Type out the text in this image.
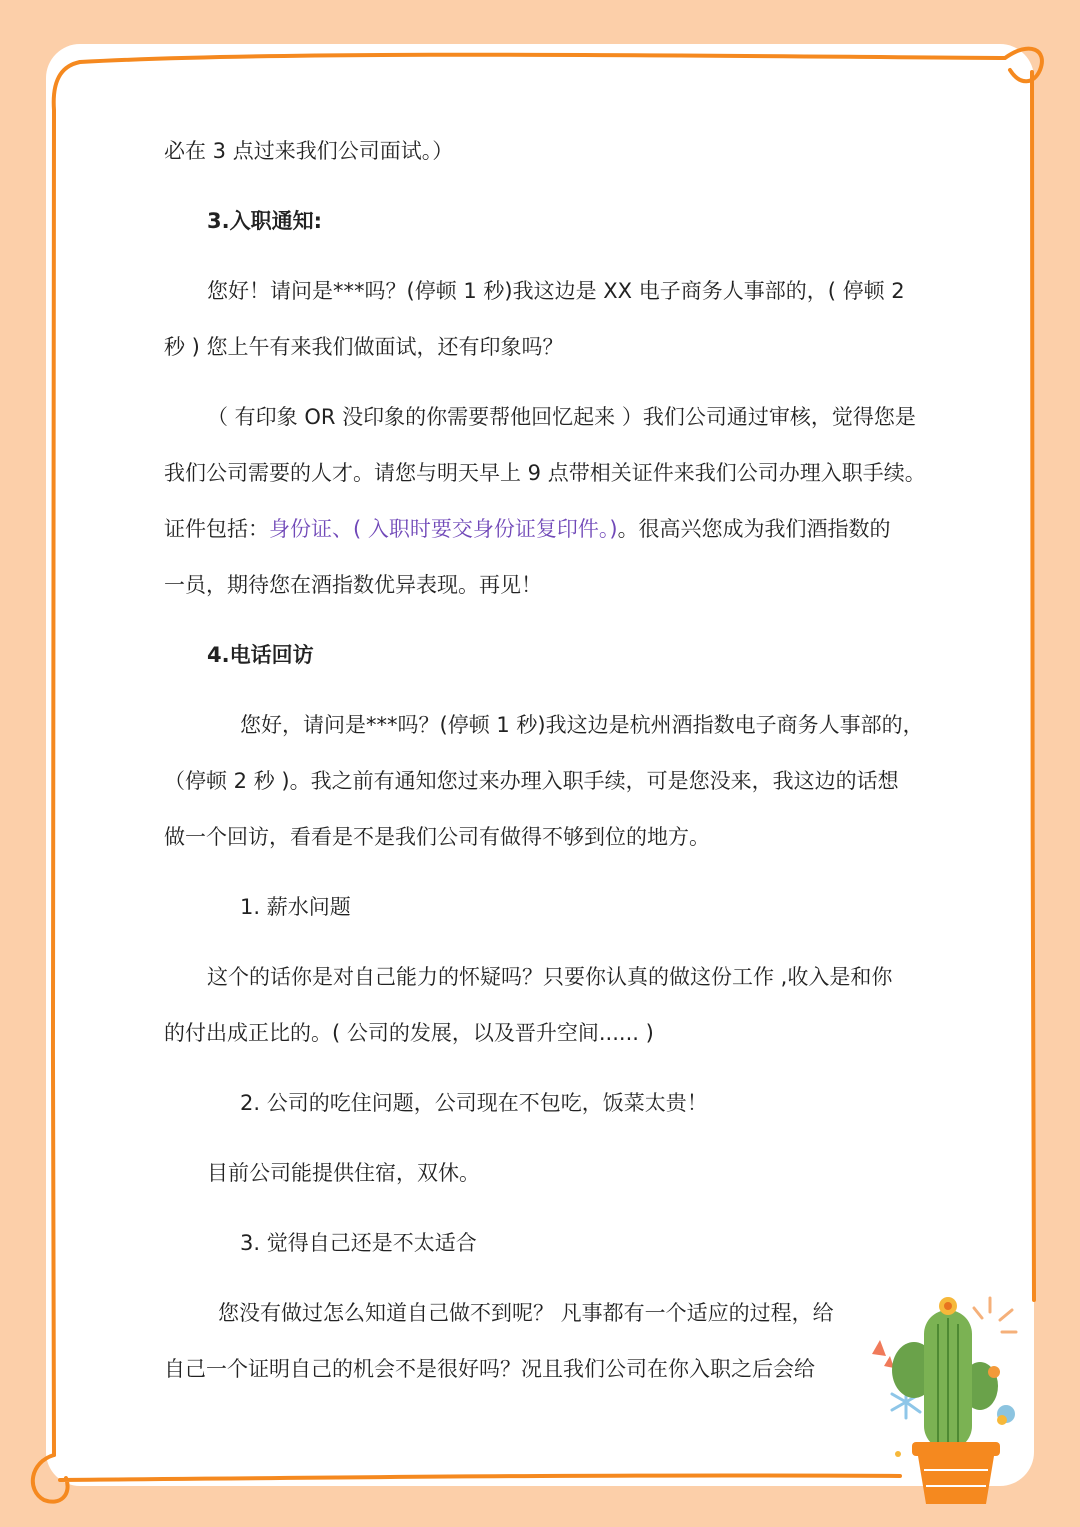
必在 3 点过来我们公司面试。）
3.入职通知:
您好！请问是***吗？(停顿 1 秒)我这边是 XX 电子商务人事部的，( 停顿 2
秒 ) 您上午有来我们做面试，还有印象吗？
（ 有印象 OR 没印象的你需要帮他回忆起来 ）我们公司通过审核，觉得您是
我们公司需要的人才。请您与明天早上 9 点带相关证件来我们公司办理入职手续。
证件包括：身份证、( 入职时要交身份证复印件。)。很高兴您成为我们酒指数的
一员，期待您在酒指数优异表现。再见！
4.电话回访
您好，请问是***吗？(停顿 1 秒)我这边是杭州酒指数电子商务人事部的，
（停顿 2 秒 )。我之前有通知您过来办理入职手续，可是您没来，我这边的话想
做一个回访，看看是不是我们公司有做得不够到位的地方。
1. 薪水问题
这个的话你是对自己能力的怀疑吗？只要你认真的做这份工作 ,收入是和你
的付出成正比的。( 公司的发展，以及晋升空间...... )
2. 公司的吃住问题，公司现在不包吃，饭菜太贵！
目前公司能提供住宿，双休。
3. 觉得自己还是不太适合
您没有做过怎么知道自己做不到呢？ 凡事都有一个适应的过程，给
自己一个证明自己的机会不是很好吗？况且我们公司在你入职之后会给
